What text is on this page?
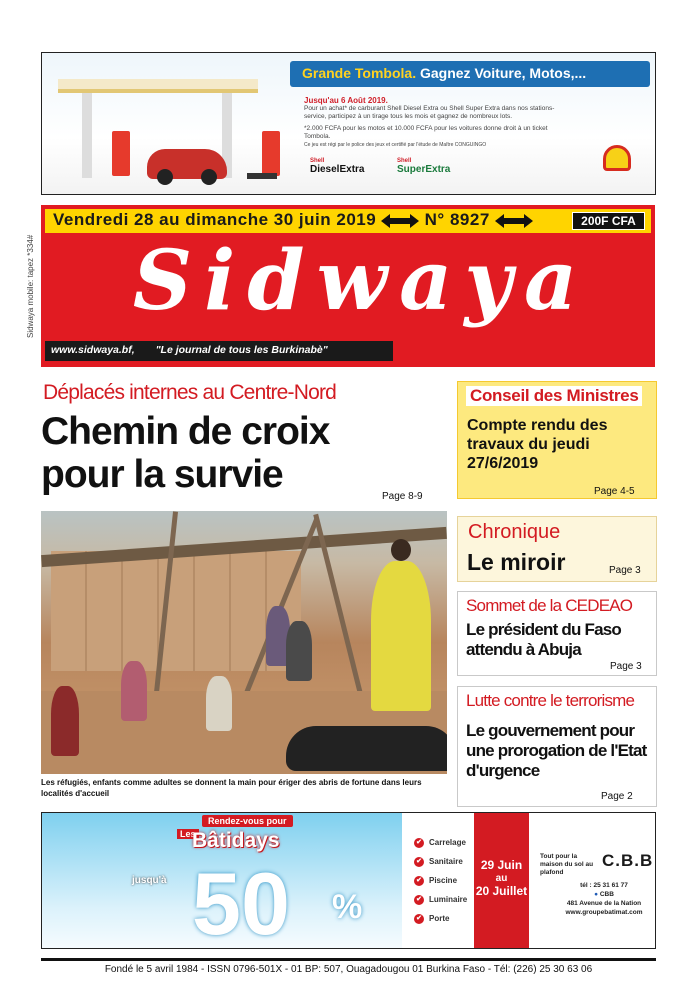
Grande Tombola. Gagnez Voiture, Motos,...
Jusqu'au 6 Août 2019.
Pour un achat* de carburant Shell Diesel Extra ou Shell Super Extra dans nos stations-service, participez à un tirage tous les mois et gagnez de nombreux lots.
*2.000 FCFA pour les motos et 10.000 FCFA pour les voitures donne droit à un ticket Tombola.
Ce jeu est régi par le police des jeux et certifié par l'étude de Maître CONGUINGO
Shell
DieselExtra
Shell
SuperExtra
Sidwaya mobile: tapez *334#
Vendredi 28 au dimanche 30 juin 2019	N° 8927	200F CFA
Sidwaya
www.sidwaya.bf, "Le journal de tous les Burkinabè"
Déplacés internes au Centre-Nord
Chemin de croix pour la survie
Page 8-9
Les réfugiés, enfants comme adultes se donnent la main pour ériger des abris de fortune dans leurs localités d'accueil
Conseil des Ministres
Compte rendu des travaux du jeudi 27/6/2019
Page 4-5
Chronique
Le miroir	Page 3
Sommet de la CEDEAO
Le président du Faso attendu à Abuja
Page 3
Lutte contre le terrorisme
Le gouvernement pour une prorogation de l'Etat d'urgence
Page 2
Rendez-vous pour
Les
Bâtidays
jusqu'à 50 %
✔ Carrelage
✔ Sanitaire
✔ Piscine
✔ Luminaire
✔ Porte
29 Juin
au
20 Juillet
Tout pour la maison du sol au plafond
C.B.B
tél : 25 31 61 77
● CBB
481 Avenue de la Nation
www.groupebatimat.com
Fondé le 5 avril 1984 - ISSN 0796-501X - 01 BP: 507, Ouagadougou 01 Burkina Faso - Tél: (226) 25 30 63 06
